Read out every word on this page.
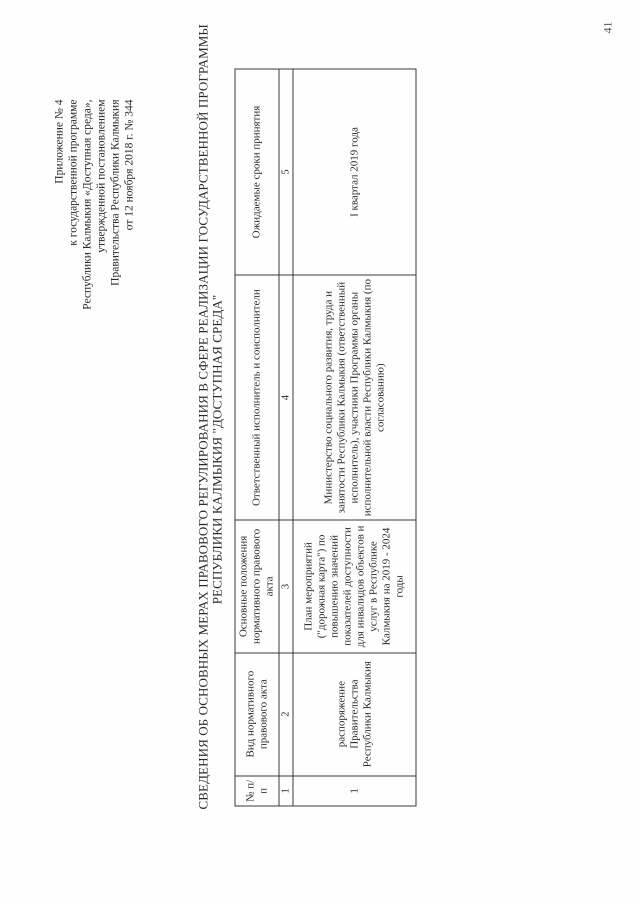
Приложение № 4 к государственной программе Республики Калмыкия «Доступная среда», утвержденной постановлением Правительства Республики Калмыкия от 12 ноября 2018 г. № 344	СВЕДЕНИЯ ОБ ОСНОВНЫХ МЕРАХ ПРАВОВОГО РЕГУЛИРОВАНИЯ В СФЕРЕ РЕАЛИЗАЦИИ ГОСУДАРСТВЕННОЙ ПРОГРАММЫ РЕСПУБЛИКИ КАЛМЫКИЯ "ДОСТУПНАЯ СРЕДА"
№ п/п	Вид нормативного правового акта	Основные положения нормативного правового акта	Ответственный исполнитель и соисполнители	Ожидаемые сроки принятия
1	2	3	4	5
1	распоряжение Правительства Республики Калмыкия	План мероприятий ("дорожная карта") по повышению значений показателей доступности для инвалидов объектов и услуг в Республике Калмыкия на 2019 - 2024 годы	Министерство социального развития, труда и занятости Республики Калмыкия (ответственный исполнитель), участники Программы органы исполнительной власти Республики Калмыкия (по согласованию)	I квартал 2019 года
41
